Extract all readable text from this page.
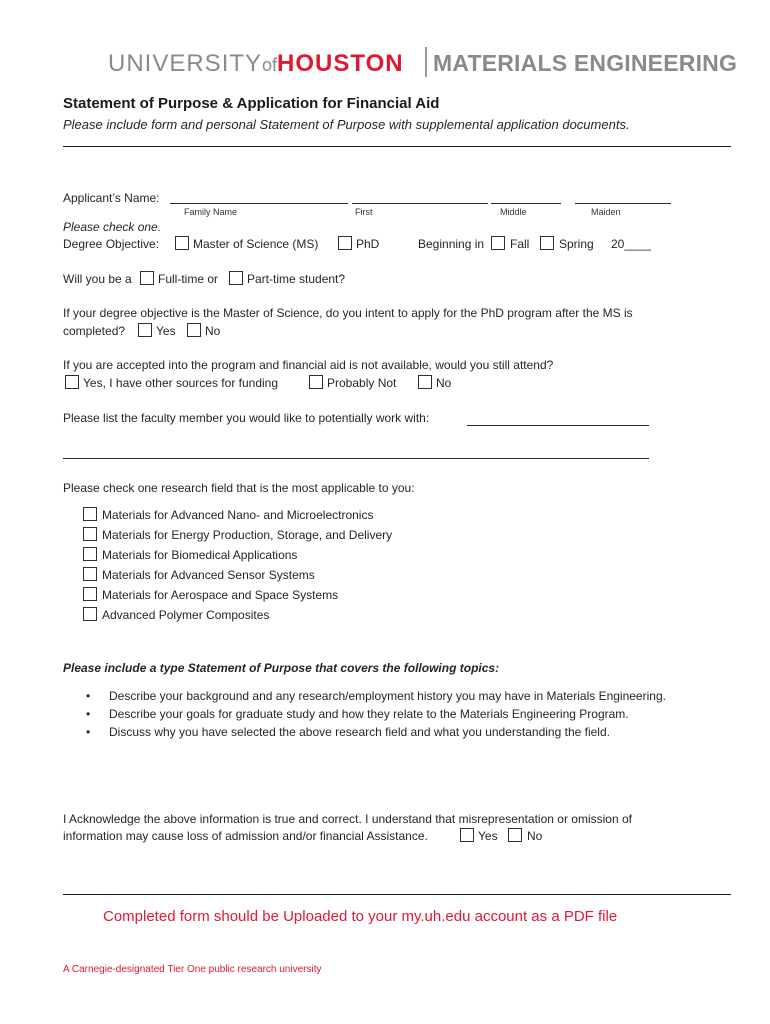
UNIVERSITYofHOUSTON MATERIALS ENGINEERING
Statement of Purpose & Application for Financial Aid
Please include form and personal Statement of Purpose with supplemental application documents.
Applicant’s Name:
Family Name	First	Middle	Maiden
Please check one.
Degree Objective:	Master of Science (MS)	PhD	Beginning in Fall Spring 20____
Will you be a Full-time or Part-time student?
If your degree objective is the Master of Science, do you intent to apply for the PhD program after the MS is
completed?	Yes No
If you are accepted into the program and financial aid is not available, would you still attend?
Yes, I have other sources for funding	Probably Not	No
Please list the faculty member you would like to potentially work with:
Please check one research field that is the most applicable to you:
Materials for Advanced Nano- and Microelectronics
Materials for Energy Production, Storage, and Delivery
Materials for Biomedical Applications
Materials for Advanced Sensor Systems
Materials for Aerospace and Space Systems
Advanced Polymer Composites
Please include a type Statement of Purpose that covers the following topics:
• Describe your background and any research/employment history you may have in Materials Engineering.
• Describe your goals for graduate study and how they relate to the Materials Engineering Program.
• Discuss why you have selected the above research field and what you understanding the field.
I Acknowledge the above information is true and correct. I understand that misrepresentation or omission of
information may cause loss of admission and/or financial Assistance.	Yes No
Completed form should be Uploaded to your my.uh.edu account as a PDF file
A Carnegie-designated Tier One public research university
